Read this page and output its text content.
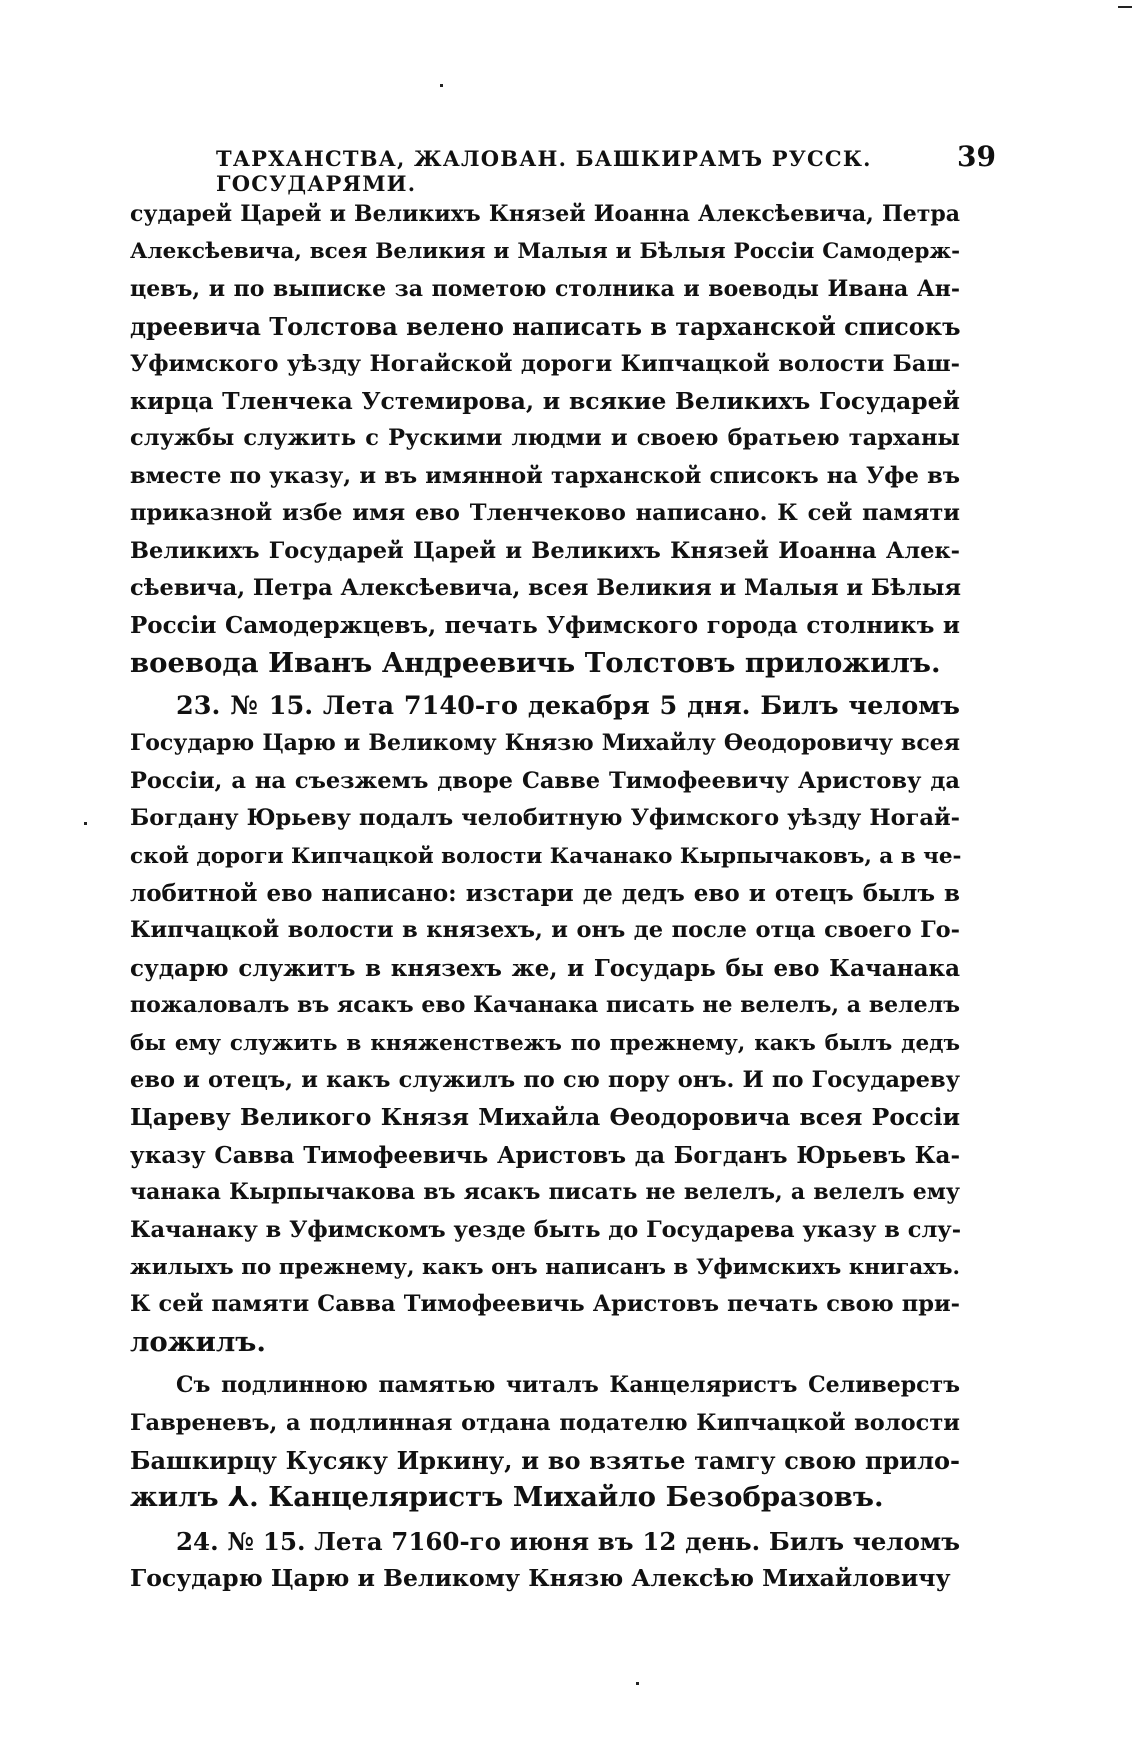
ТАРХАНСТВА, ЖАЛОВАН. БАШКИРАМЪ РУССК. ГОСУДАРЯМИ.
39
сударей Царей и Великихъ Князей Иоанна Алексѣевича, Петра
Алексѣевича, всея Великия и Малыя и Бѣлыя Россіи Самодерж-
цевъ, и по выписке за пометою столника и воеводы Ивана Ан-
дреевича Толстова велено написать в тарханской списокъ
Уфимского уѣзду Ногайской дороги Кипчацкой волости Баш-
кирца Тленчека Устемирова, и всякие Великихъ Государей
службы служить с Рускими людми и своею братьею тарханы
вместе по указу, и въ имянной тарханской списокъ на Уфе въ
приказной избе имя ево Тленчеково написано. К сей памяти
Великихъ Государей Царей и Великихъ Князей Иоанна Алек-
сѣевича, Петра Алексѣевича, всея Великия и Малыя и Бѣлыя
Россіи Самодержцевъ, печать Уфимского города столникъ и
воевода Иванъ Андреевичь Толстовъ приложилъ.
23. № 15. Лета 7140-го декабря 5 дня. Билъ челомъ
Государю Царю и Великому Князю Михайлу Өеодоровичу всея
Россіи, а на съезжемъ дворе Савве Тимофеевичу Аристову да
Богдану Юрьеву подалъ челобитную Уфимского уѣзду Ногай-
ской дороги Кипчацкой волости Качанако Кырпычаковъ, а в че-
лобитной ево написано: изстари де дедъ ево и отецъ былъ в
Кипчацкой волости в князехъ, и онъ де после отца своего Го-
сударю служитъ в князехъ же, и Государь бы ево Качанака
пожаловалъ въ ясакъ ево Качанака писать не велелъ, а велелъ
бы ему служить в княженствежъ по прежнему, какъ былъ дедъ
ево и отецъ, и какъ служилъ по сю пору онъ. И по Государеву
Цареву Великого Князя Михайла Өеодоровича всея Россіи
указу Савва Тимофеевичь Аристовъ да Богданъ Юрьевъ Ка-
чанака Кырпычакова въ ясакъ писать не велелъ, а велелъ ему
Качанаку в Уфимскомъ уезде быть до Государева указу в слу-
жилыхъ по прежнему, какъ онъ написанъ в Уфимскихъ книгахъ.
К сей памяти Савва Тимофеевичь Аристовъ печать свою при-
ложилъ.
Съ подлинною памятью читалъ Канцеляристъ Селиверстъ
Гавреневъ, а подлинная отдана подателю Кипчацкой волости
Башкирцу Кусяку Иркину, и во взятье тамгу свою прило-
жилъ ⅄. Канцеляристъ Михайло Безобразовъ.
24. № 15. Лета 7160-го июня въ 12 день. Билъ челомъ
Государю Царю и Великому Князю Алексѣю Михайловичу
